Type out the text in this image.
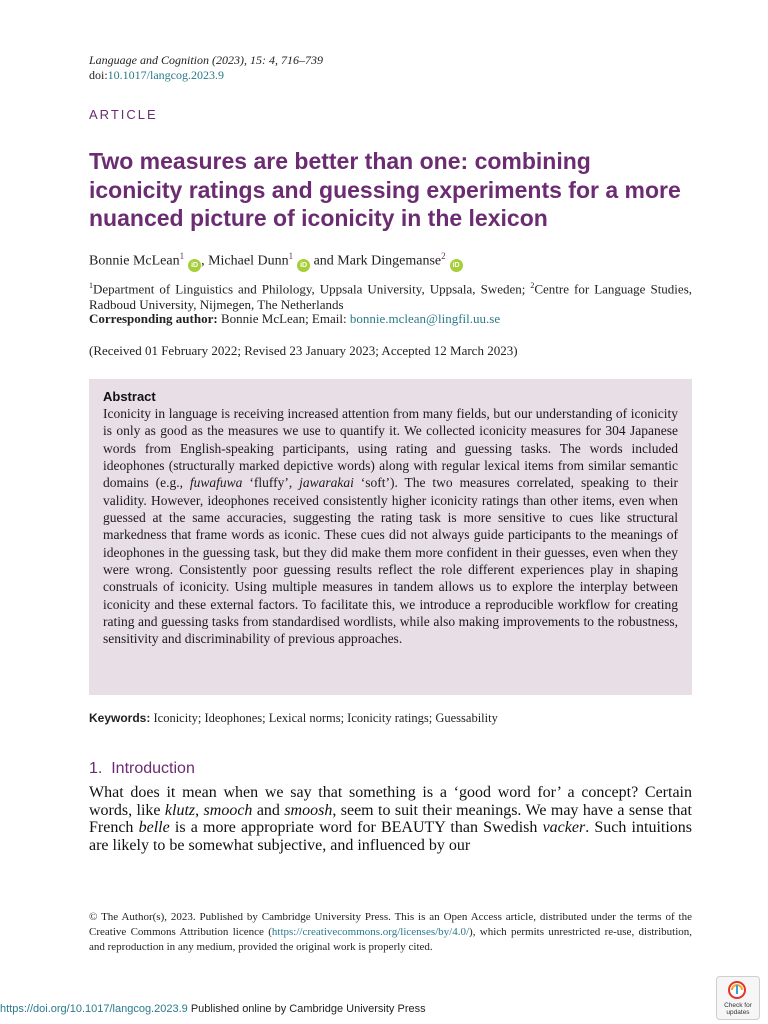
Language and Cognition (2023), 15: 4, 716–739
doi:10.1017/langcog.2023.9
ARTICLE
Two measures are better than one: combining iconicity ratings and guessing experiments for a more nuanced picture of iconicity in the lexicon
Bonnie McLean$^1$iD , Michael Dunn$^1$iD and Mark Dingemanse$^2$iD
$^1$Department of Linguistics and Philology, Uppsala University, Uppsala, Sweden; $^2$Centre for Language Studies, Radboud University, Nijmegen, The Netherlands
Corresponding author: Bonnie McLean; Email: bonnie.mclean@lingfil.uu.se
(Received 01 February 2022; Revised 23 January 2023; Accepted 12 March 2023)
Abstract
Iconicity in language is receiving increased attention from many fields, but our understanding of iconicity is only as good as the measures we use to quantify it. We collected iconicity measures for 304 Japanese words from English-speaking participants, using rating and guessing tasks. The words included ideophones (structurally marked depictive words) along with regular lexical items from similar semantic domains (e.g., fuwafuwa ‘fluffy’, jawarakai ‘soft’). The two measures correlated, speaking to their validity. However, ideophones received consistently higher iconicity ratings than other items, even when guessed at the same accuracies, suggesting the rating task is more sensitive to cues like structural markedness that frame words as iconic. These cues did not always guide participants to the meanings of ideophones in the guessing task, but they did make them more confident in their guesses, even when they were wrong. Consistently poor guessing results reflect the role different experiences play in shaping construals of iconicity. Using multiple measures in tandem allows us to explore the interplay between iconicity and these external factors. To facilitate this, we introduce a reproducible workflow for creating rating and guessing tasks from standardised wordlists, while also making improvements to the robustness, sensitivity and discriminability of previous approaches.
Keywords: Iconicity; Ideophones; Lexical norms; Iconicity ratings; Guessability
1. Introduction
What does it mean when we say that something is a ‘good word for’ a concept? Certain words, like klutz, smooch and smoosh, seem to suit their meanings. We may have a sense that French belle is a more appropriate word for BEAUTY than Swedish vacker. Such intuitions are likely to be somewhat subjective, and influenced by our
© The Author(s), 2023. Published by Cambridge University Press. This is an Open Access article, distributed under the terms of the Creative Commons Attribution licence (https://creativecommons.org/licenses/by/4.0/), which permits unrestricted re-use, distribution, and reproduction in any medium, provided the original work is properly cited.
https://doi.org/10.1017/langcog.2023.9 Published online by Cambridge University Press	Check for
updates
